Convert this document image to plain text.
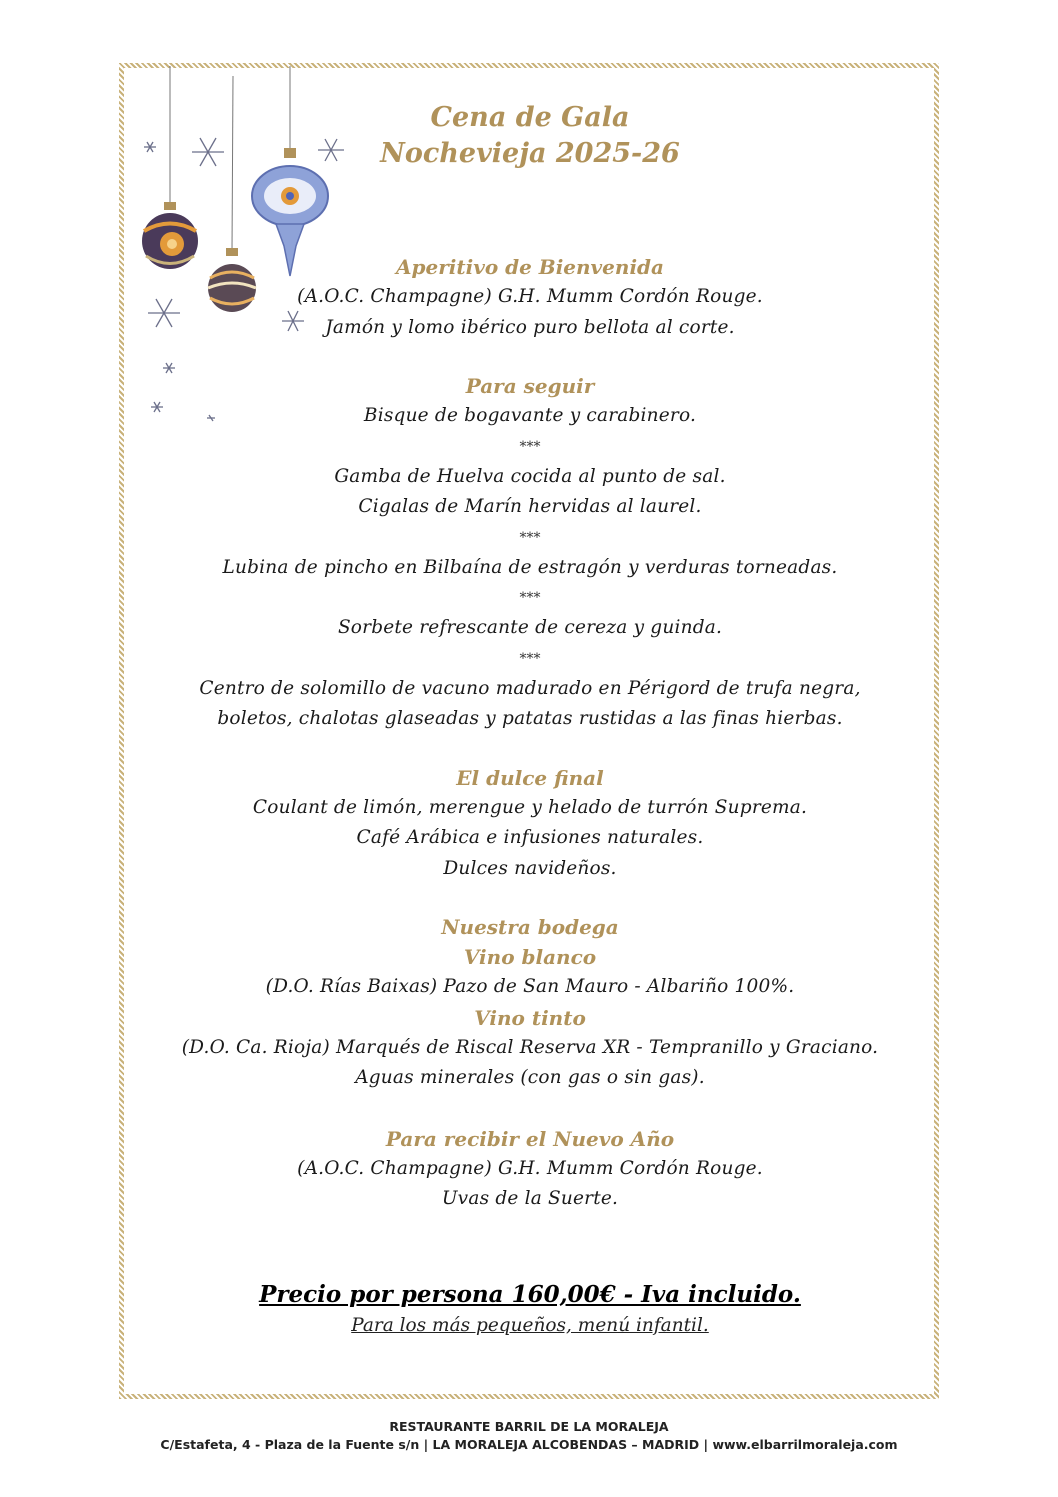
Cena de Gala

Nochevieja 2025-26

Aperitivo de Bienvenida

(A.O.C. Champagne) G.H. Mumm Cordón Rouge.

Jamón y lomo ibérico puro bellota al corte.

Para seguir

Bisque de bogavante y carabinero.

***

Gamba de Huelva cocida al punto de sal.

Cigalas de Marín hervidas al laurel.

***

Lubina de pincho en Bilbaína de estragón y verduras torneadas.

***

Sorbete refrescante de cereza y guinda.

***

Centro de solomillo de vacuno madurado en Périgord de trufa negra,

boletos, chalotas glaseadas y patatas rustidas a las finas hierbas.

El dulce final

Coulant de limón, merengue y helado de turrón Suprema.

Café Arábica e infusiones naturales.

Dulces navideños.

Nuestra bodega

Vino blanco

(D.O. Rías Baixas) Pazo de San Mauro - Albariño 100%.

Vino tinto

(D.O. Ca. Rioja) Marqués de Riscal Reserva XR - Tempranillo y Graciano.

Aguas minerales (con gas o sin gas).

Para recibir el Nuevo Año

(A.O.C. Champagne) G.H. Mumm Cordón Rouge.

Uvas de la Suerte.

Precio por persona 160,00€ - Iva incluido.

Para los más pequeños, menú infantil.

RESTAURANTE BARRIL DE LA MORALEJA
C/Estafeta, 4 - Plaza de la Fuente s/n | LA MORALEJA ALCOBENDAS – MADRID | www.elbarrilmoraleja.com
